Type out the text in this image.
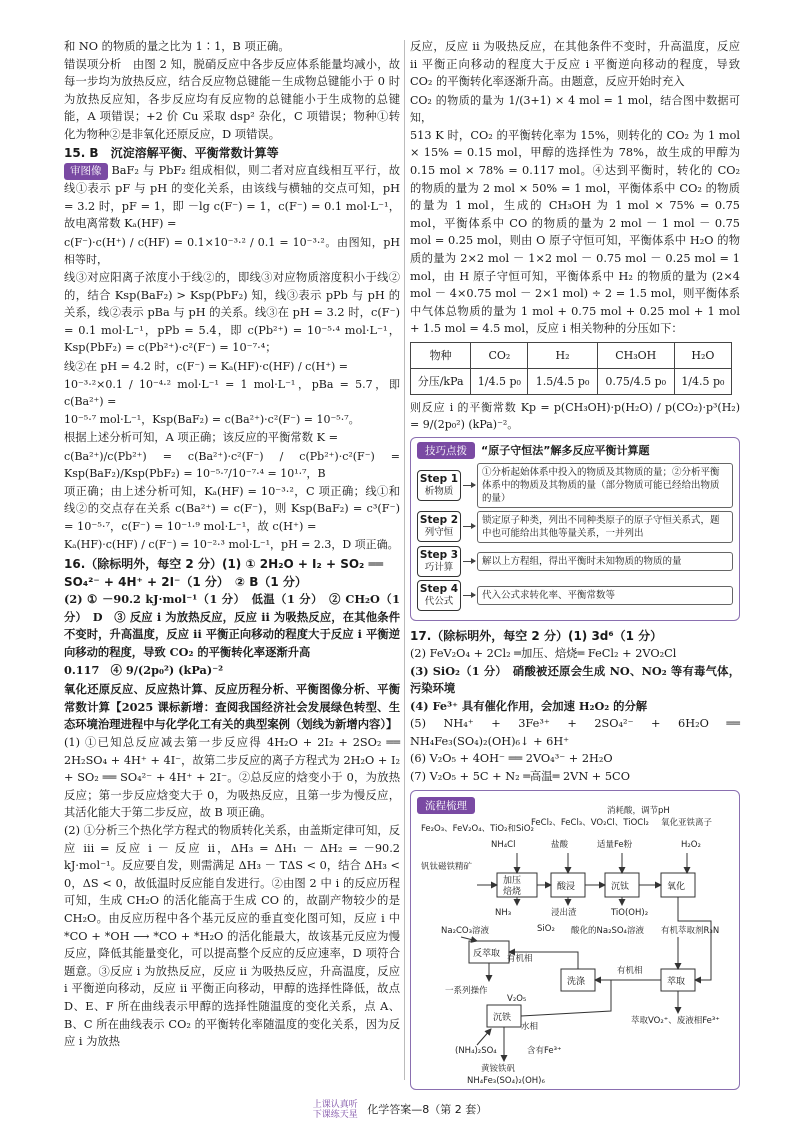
和 NO 的物质的量之比为 1∶1，B 项正确。

错误项分析　由图 2 知，脱硝反应中各步反应体系能量均减小，故每一步均为放热反应，结合反应物总键能－生成物总键能小于 0 时为放热反应知，各步反应均有反应物的总键能小于生成物的总键能，A 项错误；+2 价 Cu 采取 dsp² 杂化，C 项错误；物种①转化为物种②是非氧化还原反应，D 项错误。

15. B　沉淀溶解平衡、平衡常数计算等

审图像 BaF₂ 与 PbF₂ 组成相似，则二者对应直线相互平行，故线①表示 pF 与 pH 的变化关系，由该线与横轴的交点可知，pH = 3.2 时，pF = 1，即 －lg c(F⁻) = 1，c(F⁻) = 0.1 mol·L⁻¹，故电离常数 Kₐ(HF) =

c(F⁻)·c(H⁺) / c(HF) = 0.1×10⁻³·² / 0.1 = 10⁻³·²。由图知，pH 相等时，

线③对应阳离子浓度小于线②的，即线③对应物质溶度积小于线②的，结合 Ksp(BaF₂) > Ksp(PbF₂) 知，线③表示 pPb 与 pH 的关系，线②表示 pBa 与 pH 的关系。线③在 pH = 3.2 时，c(F⁻) = 0.1 mol·L⁻¹，pPb = 5.4，即 c(Pb²⁺) = 10⁻⁵·⁴ mol·L⁻¹，Ksp(PbF₂) = c(Pb²⁺)·c²(F⁻) = 10⁻⁷·⁴；

线②在 pH = 4.2 时，c(F⁻) = Kₐ(HF)·c(HF) / c(H⁺) =

10⁻³·²×0.1 / 10⁻⁴·² mol·L⁻¹ = 1 mol·L⁻¹，pBa = 5.7，即 c(Ba²⁺) =

10⁻⁵·⁷ mol·L⁻¹，Ksp(BaF₂) = c(Ba²⁺)·c²(F⁻) = 10⁻⁵·⁷。

根据上述分析可知，A 项正确；该反应的平衡常数 K =

c(Ba²⁺)/c(Pb²⁺) = c(Ba²⁺)·c²(F⁻) / c(Pb²⁺)·c²(F⁻) = Ksp(BaF₂)/Ksp(PbF₂) = 10⁻⁵·⁷/10⁻⁷·⁴ = 10¹·⁷，B

项正确；由上述分析可知，Kₐ(HF) = 10⁻³·²，C 项正确；线①和线②的交点存在关系 c(Ba²⁺) = c(F⁻)，则 Ksp(BaF₂) = c³(F⁻) = 10⁻⁵·⁷，c(F⁻) = 10⁻¹·⁹ mol·L⁻¹，故 c(H⁺) =

Kₐ(HF)·c(HF) / c(F⁻) = 10⁻²·³ mol·L⁻¹，pH = 2.3，D 项正确。

16.（除标明外，每空 2 分）(1) ① 2H₂O + I₂ + SO₂ ══ SO₄²⁻ + 4H⁺ + 2I⁻（1 分）　② B（1 分）

(2) ① －90.2 kJ·mol⁻¹（1 分）　低温（1 分）　② CH₂O（1 分）　D　③ 反应 i 为放热反应，反应 ii 为吸热反应，在其他条件不变时，升高温度，反应 ii 平衡正向移动的程度大于反应 i 平衡逆向移动的程度，导致 CO₂ 的平衡转化率逐渐升高

0.117　④ 9/(2p₀²) (kPa)⁻²

氧化还原反应、反应热计算、反应历程分析、平衡图像分析、平衡常数计算【2025 课标新增：查阅我国经济社会发展绿色转型、生态环境治理进程中与化学化工有关的典型案例（划线为新增内容）】

(1) ①已知总反应减去第一步反应得 4H₂O + 2I₂ + 2SO₂ ══ 2H₂SO₄ + 4H⁺ + 4I⁻，故第二步反应的离子方程式为 2H₂O + I₂ + SO₂ ══ SO₄²⁻ + 4H⁺ + 2I⁻。②总反应的焓变小于 0，为放热反应；第一步反应焓变大于 0，为吸热反应，且第一步为慢反应，其活化能大于第二步反应，故 B 项正确。

(2) ①分析三个热化学方程式的物质转化关系，由盖斯定律可知，反应 iii = 反应 i － 反应 ii，ΔH₃ = ΔH₁ － ΔH₂ = －90.2 kJ·mol⁻¹。反应要自发，则需满足 ΔH₃ － TΔS < 0，结合 ΔH₃ < 0，ΔS < 0，故低温时反应能自发进行。②由图 2 中 i 的反应历程可知，生成 CH₂O 的活化能高于生成 CO 的，故副产物较少的是 CH₂O。由反应历程中各个基元反应的垂直变化图可知，反应 i 中 *CO + *OH ⟶ *CO + *H₂O 的活化能最大，故该基元反应为慢反应，降低其能量变化，可以提高整个反应的反应速率，D 项符合题意。③反应 i 为放热反应，反应 ii 为吸热反应，升高温度，反应 i 平衡逆向移动，反应 ii 平衡正向移动，甲醇的选择性降低，故点 D、E、F 所在曲线表示甲醇的选择性随温度的变化关系，点 A、B、C 所在曲线表示 CO₂ 的平衡转化率随温度的变化关系，因为反应 i 为放热

反应，反应 ii 为吸热反应，在其他条件不变时，升高温度，反应 ii 平衡正向移动的程度大于反应 i 平衡逆向移动的程度，导致 CO₂ 的平衡转化率逐渐升高。由题意，反应开始时充入

CO₂ 的物质的量为 1/(3+1) × 4 mol = 1 mol，结合图中数据可知，

513 K 时，CO₂ 的平衡转化率为 15%，则转化的 CO₂ 为 1 mol × 15% = 0.15 mol，甲醇的选择性为 78%，故生成的甲醇为 0.15 mol × 78% = 0.117 mol。④达到平衡时，转化的 CO₂ 的物质的量为 2 mol × 50% = 1 mol，平衡体系中 CO₂ 的物质的量为 1 mol，生成的 CH₃OH 为 1 mol × 75% = 0.75 mol，平衡体系中 CO 的物质的量为 2 mol － 1 mol － 0.75 mol = 0.25 mol，则由 O 原子守恒可知，平衡体系中 H₂O 的物质的量为 2×2 mol － 1×2 mol － 0.75 mol － 0.25 mol = 1 mol，由 H 原子守恒可知，平衡体系中 H₂ 的物质的量为 (2×4 mol － 4×0.75 mol － 2×1 mol) ÷ 2 = 1.5 mol，则平衡体系中气体总物质的量为 1 mol + 0.75 mol + 0.25 mol + 1 mol + 1.5 mol = 4.5 mol，反应 i 相关物种的分压如下：

物种	CO₂	H₂	CH₃OH	H₂O
分压/kPa	1/4.5 p₀	1.5/4.5 p₀	0.75/4.5 p₀	1/4.5 p₀

则反应 i 的平衡常数 Kp = p(CH₃OH)·p(H₂O) / p(CO₂)·p³(H₂) = 9/(2p₀²) (kPa)⁻²。

技巧点拨	“原子守恒法”解多反应平衡计算题
Step 1
析物质
①分析起始体系中投入的物质及其物质的量；②分析平衡体系中的物质及其物质的量（部分物质可能已经给出物质的量）
Step 2
列守恒
锁定原子种类，列出不同种类原子的原子守恒关系式，题中也可能给出其他等量关系，一并列出
Step 3
巧计算
解以上方程组，得出平衡时未知物质的物质的量
Step 4
代公式
代入公式求转化率、平衡常数等
17.（除标明外，每空 2 分）(1) 3d⁶（1 分）

(2) FeV₂O₄ + 2Cl₂ ═加压、焙烧═ FeCl₂ + 2VO₂Cl

(3) SiO₂（1 分）　硝酸被还原会生成 NO、NO₂ 等有毒气体，污染环境

(4) Fe³⁺ 具有催化作用，会加速 H₂O₂ 的分解

(5) NH₄⁺ + 3Fe³⁺ + 2SO₄²⁻ + 6H₂O ══ NH₄Fe₃(SO₄)₂(OH)₆↓ + 6H⁺

(6) V₂O₅ + 4OH⁻ ══ 2VO₄³⁻ + 2H₂O

(7) V₂O₅ + 5C + N₂ ═高温═ 2VN + 5CO

流程梳理
Fe₂O₃、FeV₂O₄、TiO₂和SiO₂
钒钛磁铁精矿
FeCl₂、FeCl₃、VO₂Cl、TiOCl₂
NH₄Cl	盐酸	适量Fe粉
消耗酸，调节pH
氧化亚铁离子
H₂O₂
NH₃	浸出渣	TiO(OH)₂
SiO₂
Na₂CO₃溶液	酸化的Na₂SO₄溶液 有机萃取剂R₃N
有机相
有机相
一系列操作
V₂O₅
水相
萃取VO₂⁺、废液相Fe³⁺
(NH₄)₂SO₄	含有Fe³⁺
黄铵铁矾
NH₄Fe₃(SO₄)₂(OH)₆
加压
焙烧	酸浸	沉钛	氧化
反萃取
洗涤	萃取
沉铁
上课认真听
下课练天星 化学答案—8（第 2 套）
